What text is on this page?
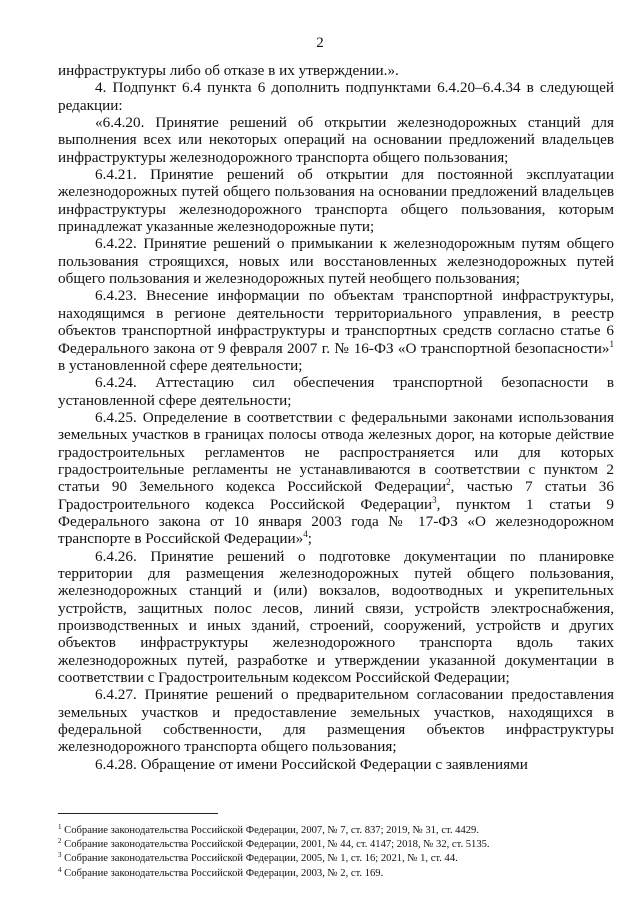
2

инфраструктуры либо об отказе в их утверждении.».

4. Подпункт 6.4 пункта 6 дополнить подпунктами 6.4.20–6.4.34 в следующей редакции:

«6.4.20. Принятие решений об открытии железнодорожных станций для выполнения всех или некоторых операций на основании предложений владельцев инфраструктуры железнодорожного транспорта общего пользования;

6.4.21. Принятие решений об открытии для постоянной эксплуатации железнодорожных путей общего пользования на основании предложений владельцев инфраструктуры железнодорожного транспорта общего пользования, которым принадлежат указанные железнодорожные пути;

6.4.22. Принятие решений о примыкании к железнодорожным путям общего пользования строящихся, новых или восстановленных железнодорожных путей общего пользования и железнодорожных путей необщего пользования;

6.4.23. Внесение информации по объектам транспортной инфраструктуры, находящимся в регионе деятельности территориального управления, в реестр объектов транспортной инфраструктуры и транспортных средств согласно статье 6 Федерального закона от 9 февраля 2007 г. № 16-ФЗ «О транспортной безопасности»$^1$ в установленной сфере деятельности;

6.4.24. Аттестацию сил обеспечения транспортной безопасности в установленной сфере деятельности;

6.4.25. Определение в соответствии с федеральными законами использования земельных участков в границах полосы отвода железных дорог, на которые действие градостроительных регламентов не распространяется или для которых градостроительные регламенты не устанавливаются в соответствии с пунктом 2 статьи 90 Земельного кодекса Российской Федерации$^2$, частью 7 статьи 36 Градостроительного кодекса Российской Федерации$^3$, пунктом 1 статьи 9 Федерального закона от 10 января 2003 года № 17-ФЗ «О железнодорожном транспорте в Российской Федерации»$^4$;

6.4.26. Принятие решений о подготовке документации по планировке территории для размещения железнодорожных путей общего пользования, железнодорожных станций и (или) вокзалов, водоотводных и укрепительных устройств, защитных полос лесов, линий связи, устройств электроснабжения, производственных и иных зданий, строений, сооружений, устройств и других объектов инфраструктуры железнодорожного транспорта вдоль таких железнодорожных путей, разработке и утверждении указанной документации в соответствии с Градостроительным кодексом Российской Федерации;

6.4.27. Принятие решений о предварительном согласовании предоставления земельных участков и предоставление земельных участков, находящихся в федеральной собственности, для размещения объектов инфраструктуры железнодорожного транспорта общего пользования;

6.4.28. Обращение от имени Российской Федерации с заявлениями

$^1$ Собрание законодательства Российской Федерации, 2007, № 7, ст. 837; 2019, № 31, ст. 4429.
$^2$ Собрание законодательства Российской Федерации, 2001, № 44, ст. 4147; 2018, № 32, ст. 5135.
$^3$ Собрание законодательства Российской Федерации, 2005, № 1, ст. 16; 2021, № 1, ст. 44.
$^4$ Собрание законодательства Российской Федерации, 2003, № 2, ст. 169.
